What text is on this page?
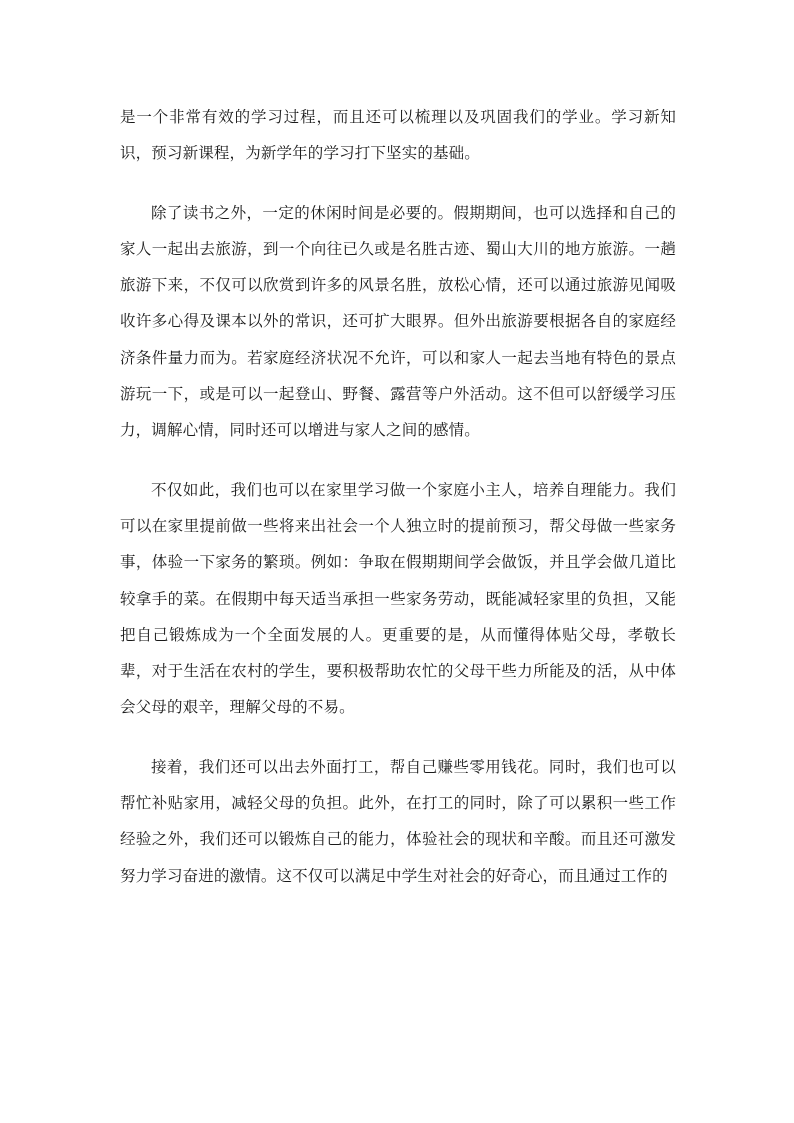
是一个非常有效的学习过程，而且还可以梳理以及巩固我们的学业。学习新知识，预习新课程，为新学年的学习打下坚实的基础。

除了读书之外，一定的休闲时间是必要的。假期期间，也可以选择和自己的家人一起出去旅游，到一个向往已久或是名胜古迹、蜀山大川的地方旅游。一趟旅游下来，不仅可以欣赏到许多的风景名胜，放松心情，还可以通过旅游见闻吸收许多心得及课本以外的常识，还可扩大眼界。但外出旅游要根据各自的家庭经济条件量力而为。若家庭经济状况不允许，可以和家人一起去当地有特色的景点游玩一下，或是可以一起登山、野餐、露营等户外活动。这不但可以舒缓学习压力，调解心情，同时还可以增进与家人之间的感情。

不仅如此，我们也可以在家里学习做一个家庭小主人，培养自理能力。我们可以在家里提前做一些将来出社会一个人独立时的提前预习，帮父母做一些家务事，体验一下家务的繁琐。例如：争取在假期期间学会做饭，并且学会做几道比较拿手的菜。在假期中每天适当承担一些家务劳动，既能减轻家里的负担，又能把自己锻炼成为一个全面发展的人。更重要的是，从而懂得体贴父母，孝敬长辈，对于生活在农村的学生，要积极帮助农忙的父母干些力所能及的活，从中体会父母的艰辛，理解父母的不易。

接着，我们还可以出去外面打工，帮自己赚些零用钱花。同时，我们也可以帮忙补贴家用，减轻父母的负担。此外，在打工的同时，除了可以累积一些工作经验之外，我们还可以锻炼自己的能力，体验社会的现状和辛酸。而且还可激发努力学习奋进的激情。这不仅可以满足中学生对社会的好奇心，而且通过工作的
